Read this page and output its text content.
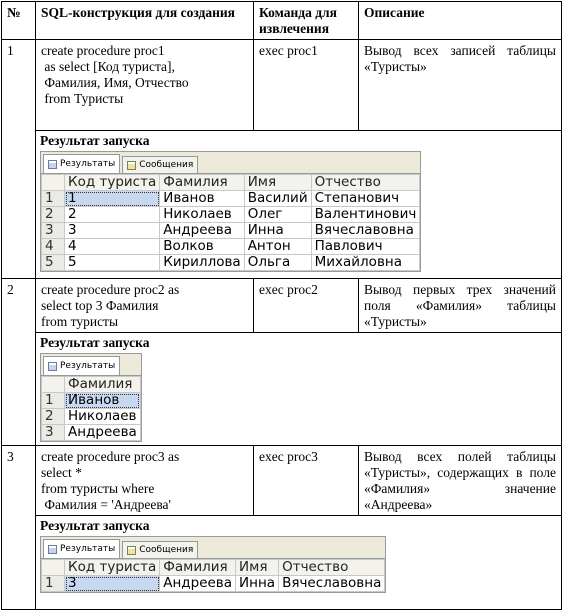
№	SQL-конструкция для создания	Команда для извлечения	Описание
1	create procedure proc1
as select [Код туриста],
Фамилия, Имя, Отчество
from Туристы	exec proc1	Вывод всех записей таблицы «Туристы»

Результат запуска
Результаты	Сообщения
	Код туриста	Фамилия	Имя	Отчество
1	1	Иванов	Василий	Степанович
2	2	Николаев	Олег	Валентинович
3	3	Андреева	Инна	Вячеславовна
4	4	Волков	Антон	Павлович
5	5	Кириллова	Ольга	Михайловна

2	create procedure proc2 as
select top 3 Фамилия
from туристы	exec proc2	Вывод первых трех значений поля «Фамилия» таблицы «Туристы»

Результат запуска
Результаты
	Фамилия
1	Иванов
2	Николаев
3	Андреева

3	create procedure proc3 as
select *
from туристы where
Фамилия = 'Андреева'	exec proc3	Вывод всех полей таблицы «Туристы», содержащих в поле «Фамилия» значение «Андреева»

Результат запуска
Результаты	Сообщения
	Код туриста	Фамилия	Имя	Отчество
1	3	Андреева	Инна	Вячеславовна
